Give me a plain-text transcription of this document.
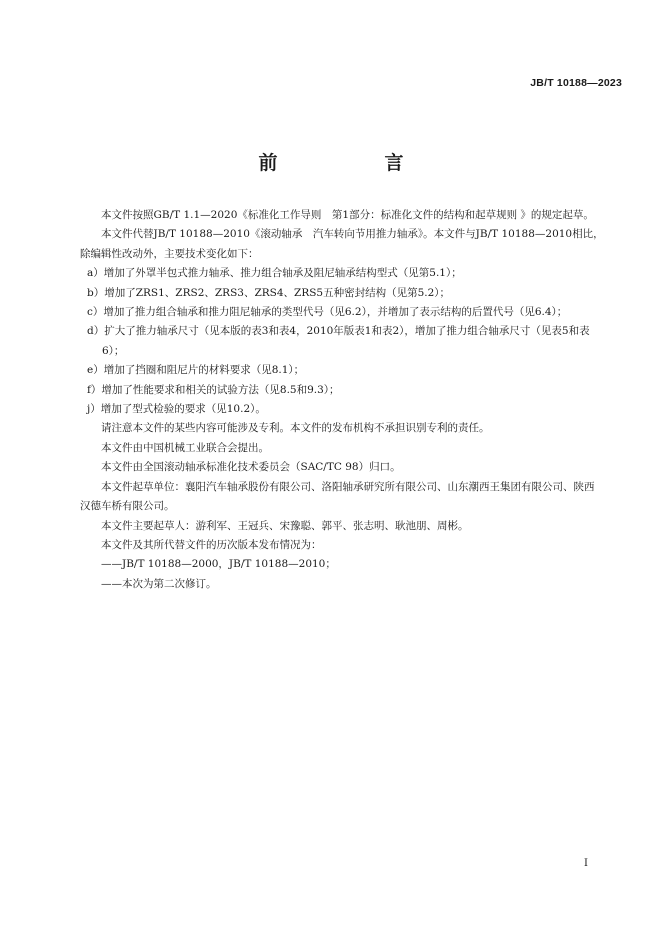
JB/T 10188—2023
前　言

本文件按照GB/T 1.1—2020《标准化工作导则　第1部分：标准化文件的结构和起草规则 》的规定起草。

本文件代替JB/T 10188—2010《滚动轴承　汽车转向节用推力轴承》。本文件与JB/T 10188—2010相比，除编辑性改动外，主要技术变化如下：

a）增加了外罩半包式推力轴承、推力组合轴承及阻尼轴承结构型式（见第5.1）；

b）增加了ZRS1、ZRS2、ZRS3、ZRS4、ZRS5五种密封结构（见第5.2）；

c）增加了推力组合轴承和推力阻尼轴承的类型代号（见6.2），并增加了表示结构的后置代号（见6.4）；

d）扩大了推力轴承尺寸（见本版的表3和表4，2010年版表1和表2），增加了推力组合轴承尺寸（见表5和表6）；

e）增加了挡圈和阻尼片的材料要求（见8.1）；

f）增加了性能要求和相关的试验方法（见8.5和9.3）；

j）增加了型式检验的要求（见10.2）。

请注意本文件的某些内容可能涉及专利。本文件的发布机构不承担识别专利的责任。

本文件由中国机械工业联合会提出。

本文件由全国滚动轴承标准化技术委员会（SAC/TC 98）归口。

本文件起草单位：襄阳汽车轴承股份有限公司、洛阳轴承研究所有限公司、山东潮西王集团有限公司、陕西汉德车桥有限公司。

本文件主要起草人：游利军、王冠兵、宋豫聪、郭平、张志明、耿池朋、周彬。

本文件及其所代替文件的历次版本发布情况为：

——JB/T 10188—2000，JB/T 10188—2010；

——本次为第二次修订。

I
